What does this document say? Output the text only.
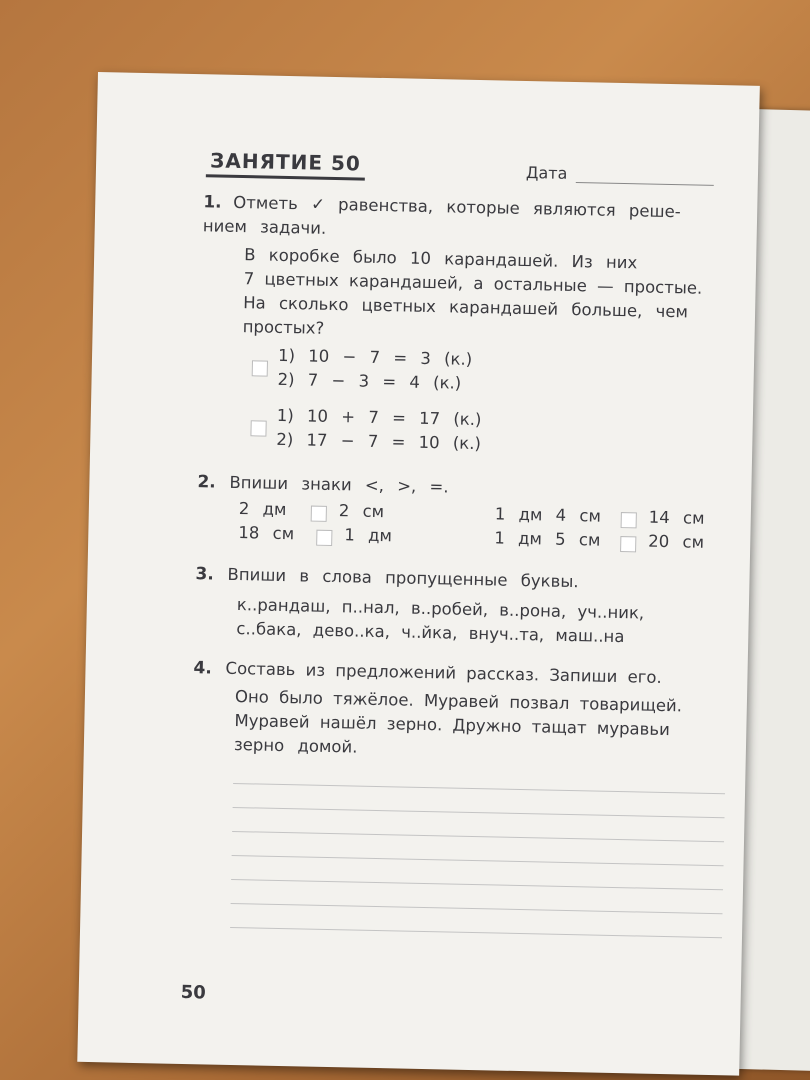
ЗАНЯТИЕ 50	Дата
1. Отметь ✓ равенства, которые являются реше-
нием задачи.
В коробке было 10 карандашей. Из них
7 цветных карандашей, а остальные — простые.
На сколько цветных карандашей больше, чем
простых?
1) 10 − 7 = 3 (к.)
2) 7 − 3 = 4 (к.)
1) 10 + 7 = 17 (к.)
2) 17 − 7 = 10 (к.)
2. Впиши знаки <, >, =.
2 дм	2 см
18 см	1 дм
1 дм 4 см	14 см
1 дм 5 см	20 см
3. Впиши в слова пропущенные буквы.
к..рандаш, п..нал, в..робей, в..рона, уч..ник,
с..бака, дево..ка, ч..йка, внуч..та, маш..на
4. Составь из предложений рассказ. Запиши его.
Оно было тяжёлое. Муравей позвал товарищей.
Муравей нашёл зерно. Дружно тащат муравьи
зерно домой.
50
